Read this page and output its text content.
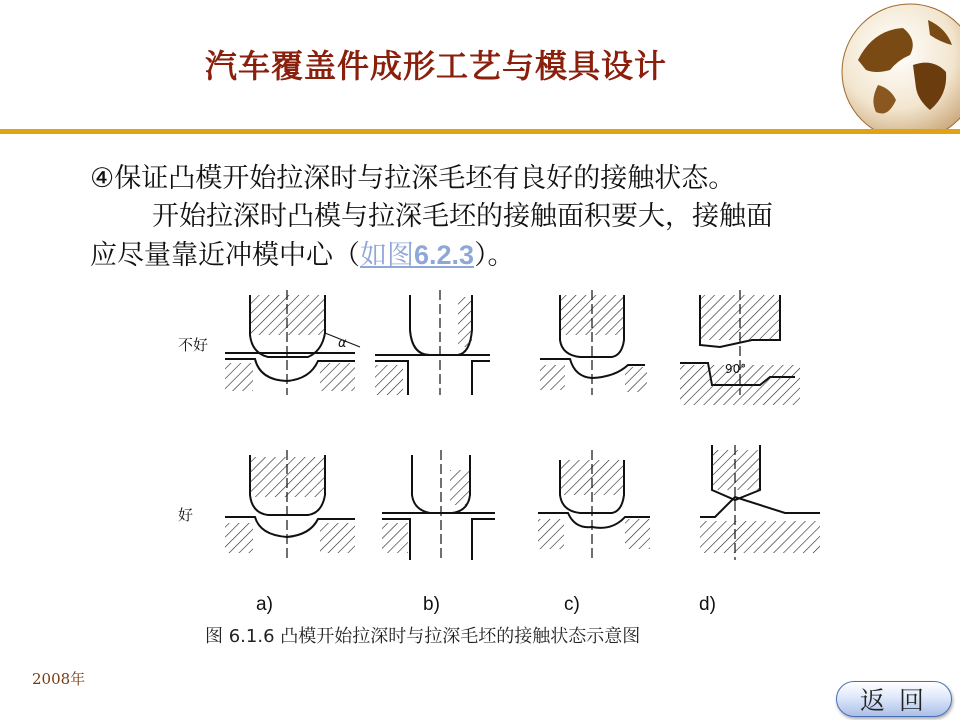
汽车覆盖件成形工艺与模具设计

④保证凸模开始拉深时与拉深毛坯有良好的接触状态。

开始拉深时凸模与拉深毛坯的接触面积要大，接触面

应尽量靠近冲模中心（如图6.2.3）。

不好
好
α
90°
a)	b)	c)	d)
图 6.1.6 凸模开始拉深时与拉深毛坯的接触状态示意图
2008年
返回
